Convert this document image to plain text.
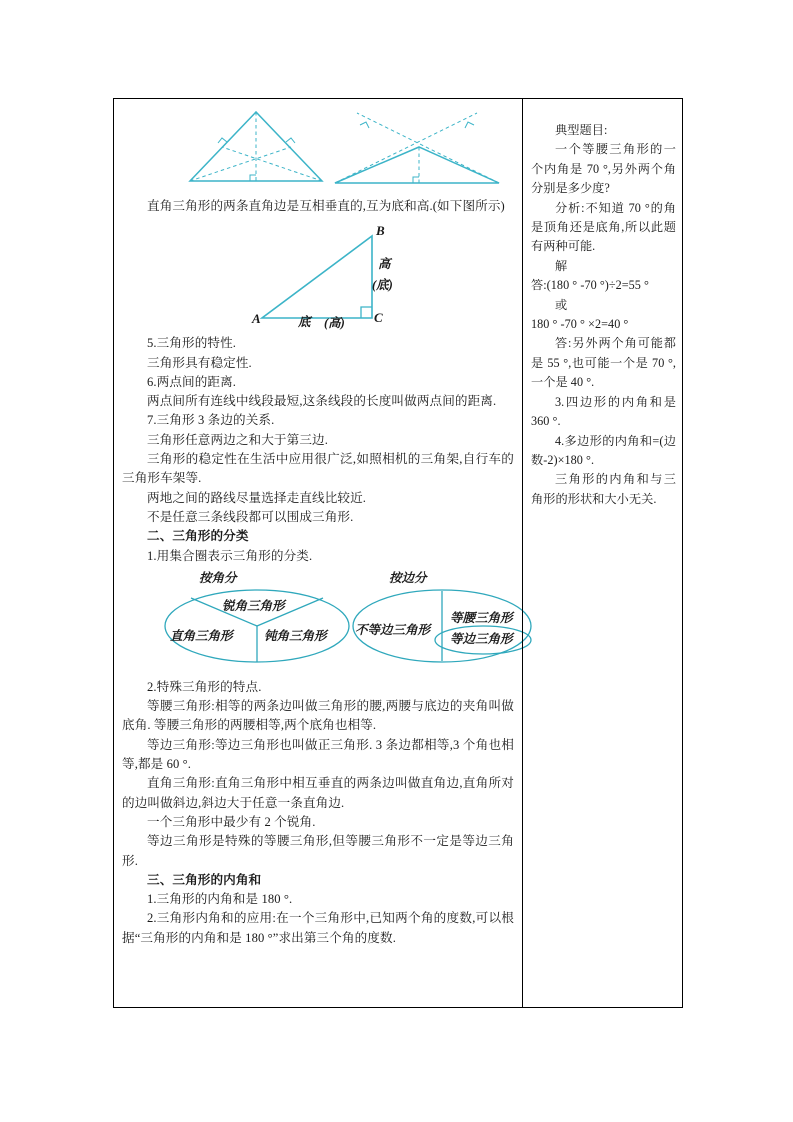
直角三角形的两条直角边是互相垂直的,互为底和高.(如下图所示)

B
高
(底)
A	底 (高) C

5.三角形的特性.

三角形具有稳定性.

6.两点间的距离.

两点间所有连线中线段最短,这条线段的长度叫做两点间的距离.

7.三角形 3 条边的关系.

三角形任意两边之和大于第三边.

三角形的稳定性在生活中应用很广泛,如照相机的三角架,自行车的三角形车架等.

两地之间的路线尽量选择走直线比较近.

不是任意三条线段都可以围成三角形.

二、三角形的分类

1.用集合圈表示三角形的分类.

按角分	按边分
锐角三角形
直角三角形	钝角三角形 不等边三角形
等腰三角形
等边三角形

2.特殊三角形的特点.

等腰三角形:相等的两条边叫做三角形的腰,两腰与底边的夹角叫做底角. 等腰三角形的两腰相等,两个底角也相等.

等边三角形:等边三角形也叫做正三角形. 3 条边都相等,3 个角也相等,都是 60 °.

直角三角形:直角三角形中相互垂直的两条边叫做直角边,直角所对的边叫做斜边,斜边大于任意一条直角边.

一个三角形中最少有 2 个锐角.

等边三角形是特殊的等腰三角形,但等腰三角形不一定是等边三角形.

三、三角形的内角和

1.三角形的内角和是 180 °.

2.三角形内角和的应用:在一个三角形中,已知两个角的度数,可以根据“三角形的内角和是 180 °”求出第三个角的度数.

典型题目:

一个等腰三角形的一个内角是 70 °,另外两个角分别是多少度?

分析:不知道 70 °的角是顶角还是底角,所以此题有两种可能.

解

答:(180 ° -70 °)÷2=55 °

或

180 ° -70 ° ×2=40 °

答:另外两个角可能都是 55 °,也可能一个是 70 °,一个是 40 °.

3.四边形的内角和是 360 °.

4.多边形的内角和=(边数-2)×180 °.

三角形的内角和与三角形的形状和大小无关.
